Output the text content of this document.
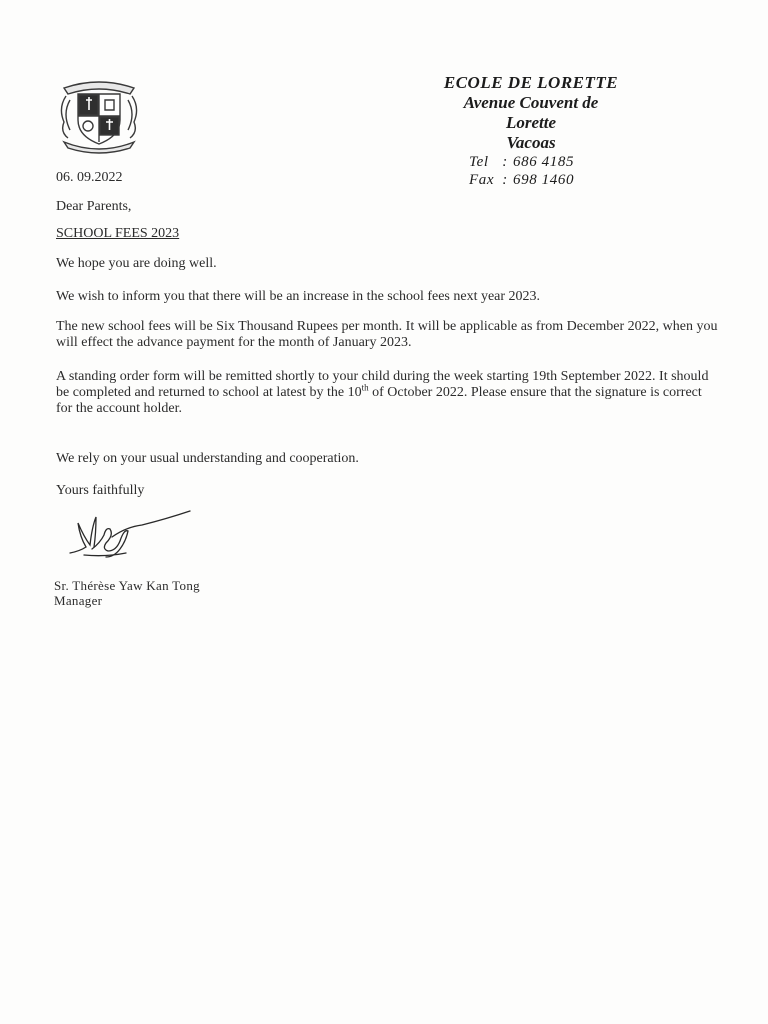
ECOLE DE LORETTE
Avenue Couvent de
Lorette
Vacoas
Tel : 686 4185
Fax : 698 1460
06. 09.2022
Dear Parents,
SCHOOL FEES 2023
We hope you are doing well.
We wish to inform you that there will be an increase in the school fees next year 2023.
The new school fees will be Six Thousand Rupees per month. It will be applicable as from December 2022, when you will effect the advance payment for the month of January 2023.
A standing order form will be remitted shortly to your child during the week starting 19th September 2022. It should be completed and returned to school at latest by the 10th of October 2022. Please ensure that the signature is correct for the account holder.
We rely on your usual understanding and cooperation.
Yours faithfully
Sr. Thérèse Yaw Kan Tong
Manager
